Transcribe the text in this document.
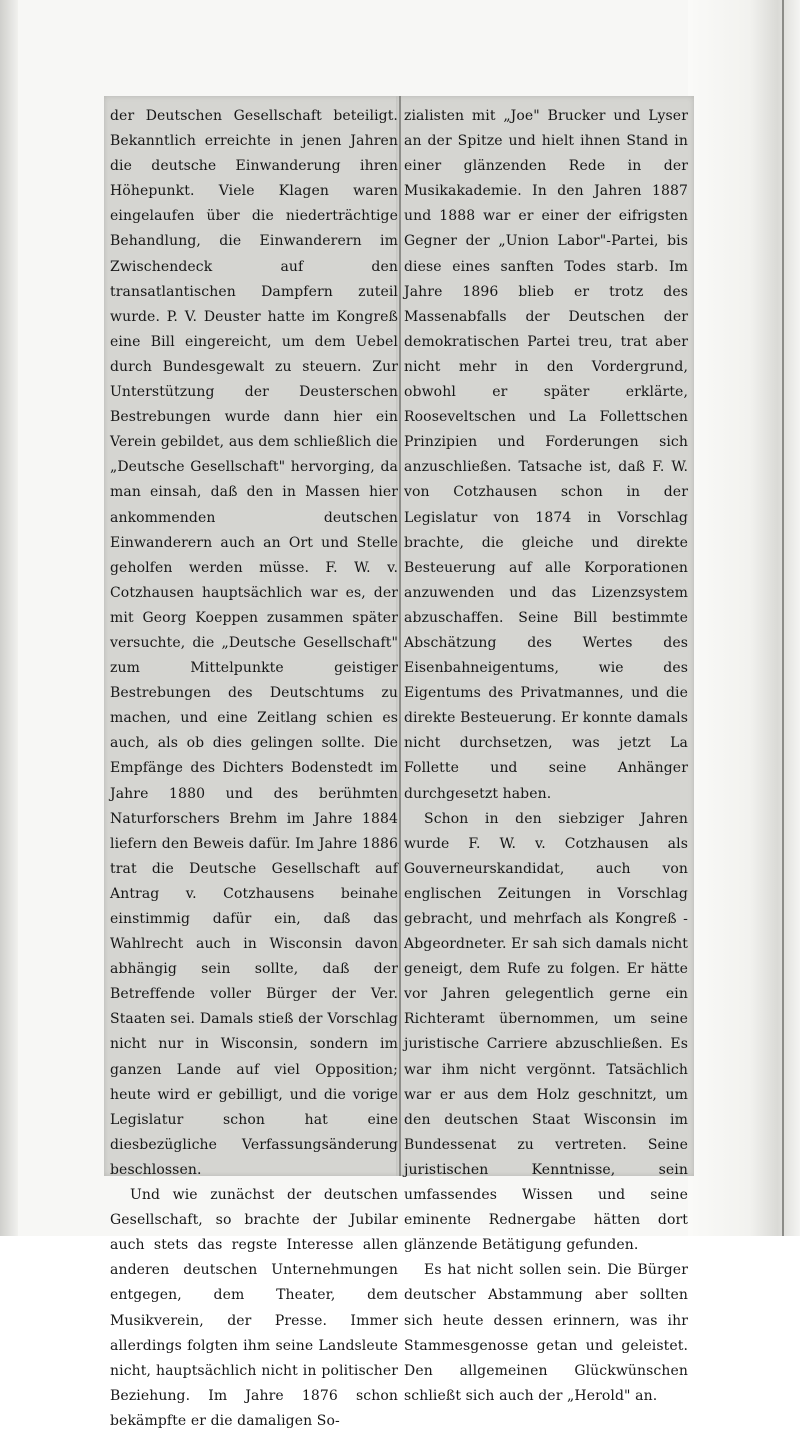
der Deutschen Gesellschaft beteiligt. Bekanntlich erreichte in jenen Jahren die deutsche Einwanderung ihren Höhepunkt. Viele Klagen waren eingelaufen über die niederträchtige Behandlung, die Einwanderern im Zwischendeck auf den transatlantischen Dampfern zuteil wurde. P. V. Deuster hatte im Kongreß eine Bill eingereicht, um dem Uebel durch Bundesgewalt zu steuern. Zur Unterstützung der Deusterschen Bestrebungen wurde dann hier ein Verein gebildet, aus dem schließlich die „Deutsche Gesellschaft" hervorging, da man einsah, daß den in Massen hier ankommenden deutschen Einwanderern auch an Ort und Stelle geholfen werden müsse. F. W. v. Cotzhausen hauptsächlich war es, der mit Georg Koeppen zusammen später versuchte, die „Deutsche Gesellschaft" zum Mittelpunkte geistiger Bestrebungen des Deutschtums zu machen, und eine Zeitlang schien es auch, als ob dies gelingen sollte. Die Empfänge des Dichters Bodenstedt im Jahre 1880 und des berühmten Naturforschers Brehm im Jahre 1884 liefern den Beweis dafür. Im Jahre 1886 trat die Deutsche Gesellschaft auf Antrag v. Cotzhausens beinahe einstimmig dafür ein, daß das Wahlrecht auch in Wisconsin davon abhängig sein sollte, daß der Betreffende voller Bürger der Ver. Staaten sei. Damals stieß der Vorschlag nicht nur in Wisconsin, sondern im ganzen Lande auf viel Opposition; heute wird er gebilligt, und die vorige Legislatur schon hat eine diesbezügliche Verfassungsänderung beschlossen.

Und wie zunächst der deutschen Gesellschaft, so brachte der Jubilar auch stets das regste Interesse allen anderen deutschen Unternehmungen entgegen, dem Theater, dem Musikverein, der Presse. Immer allerdings folgten ihm seine Landsleute nicht, hauptsächlich nicht in politischer Beziehung. Im Jahre 1876 schon bekämpfte er die damaligen So-

zialisten mit „Joe" Brucker und Lyser an der Spitze und hielt ihnen Stand in einer glänzenden Rede in der Musikakademie. In den Jahren 1887 und 1888 war er einer der eifrigsten Gegner der „Union Labor"-Partei, bis diese eines sanften Todes starb. Im Jahre 1896 blieb er trotz des Massenabfalls der Deutschen der demokratischen Partei treu, trat aber nicht mehr in den Vordergrund, obwohl er später erklärte, Rooseveltschen und La Follettschen Prinzipien und Forderungen sich anzuschließen. Tatsache ist, daß F. W. von Cotzhausen schon in der Legislatur von 1874 in Vorschlag brachte, die gleiche und direkte Besteuerung auf alle Korporationen anzuwenden und das Lizenzsystem abzuschaffen. Seine Bill bestimmte Abschätzung des Wertes des Eisenbahneigentums, wie des Eigentums des Privatmannes, und die direkte Besteuerung. Er konnte damals nicht durchsetzen, was jetzt La Follette und seine Anhänger durchgesetzt haben.

Schon in den siebziger Jahren wurde F. W. v. Cotzhausen als Gouverneurskandidat, auch von englischen Zeitungen in Vorschlag gebracht, und mehrfach als Kongreß - Abgeordneter. Er sah sich damals nicht geneigt, dem Rufe zu folgen. Er hätte vor Jahren gelegentlich gerne ein Richteramt übernommen, um seine juristische Carriere abzuschließen. Es war ihm nicht vergönnt. Tatsächlich war er aus dem Holz geschnitzt, um den deutschen Staat Wisconsin im Bundessenat zu vertreten. Seine juristischen Kenntnisse, sein umfassendes Wissen und seine eminente Rednergabe hätten dort glänzende Betätigung gefunden.

Es hat nicht sollen sein. Die Bürger deutscher Abstammung aber sollten sich heute dessen erinnern, was ihr Stammesgenosse getan und geleistet. Den allgemeinen Glückwünschen schließt sich auch der „Herold" an.
